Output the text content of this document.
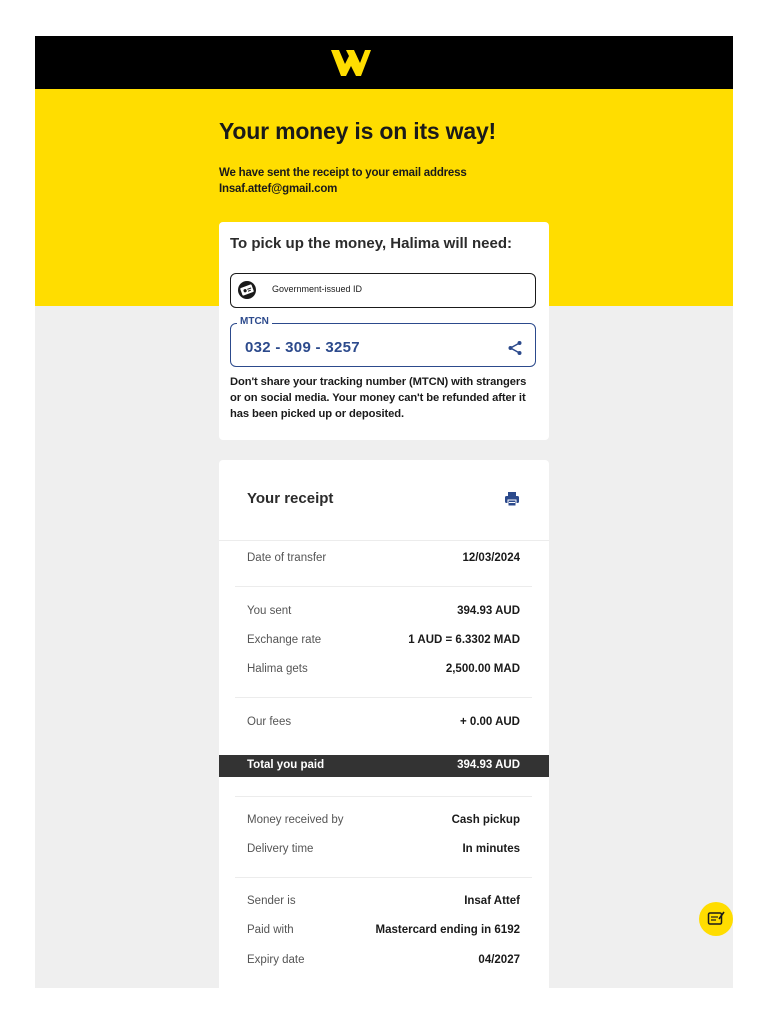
Your money is on its way!
We have sent the receipt to your email address
Insaf.attef@gmail.com
To pick up the money, Halima will need:
Government-issued ID
MTCN
032 - 309 - 3257
Don't share your tracking number (MTCN) with strangers or on social media. Your money can't be refunded after it has been picked up or deposited.
Your receipt
Date of transfer	12/03/2024
You sent	394.93 AUD
Exchange rate	1 AUD = 6.3302 MAD
Halima gets	2,500.00 MAD
Our fees	+ 0.00 AUD
Total you paid	394.93 AUD
Money received by	Cash pickup
Delivery time	In minutes
Sender is	Insaf Attef
Paid with	Mastercard ending in 6192
Expiry date	04/2027
